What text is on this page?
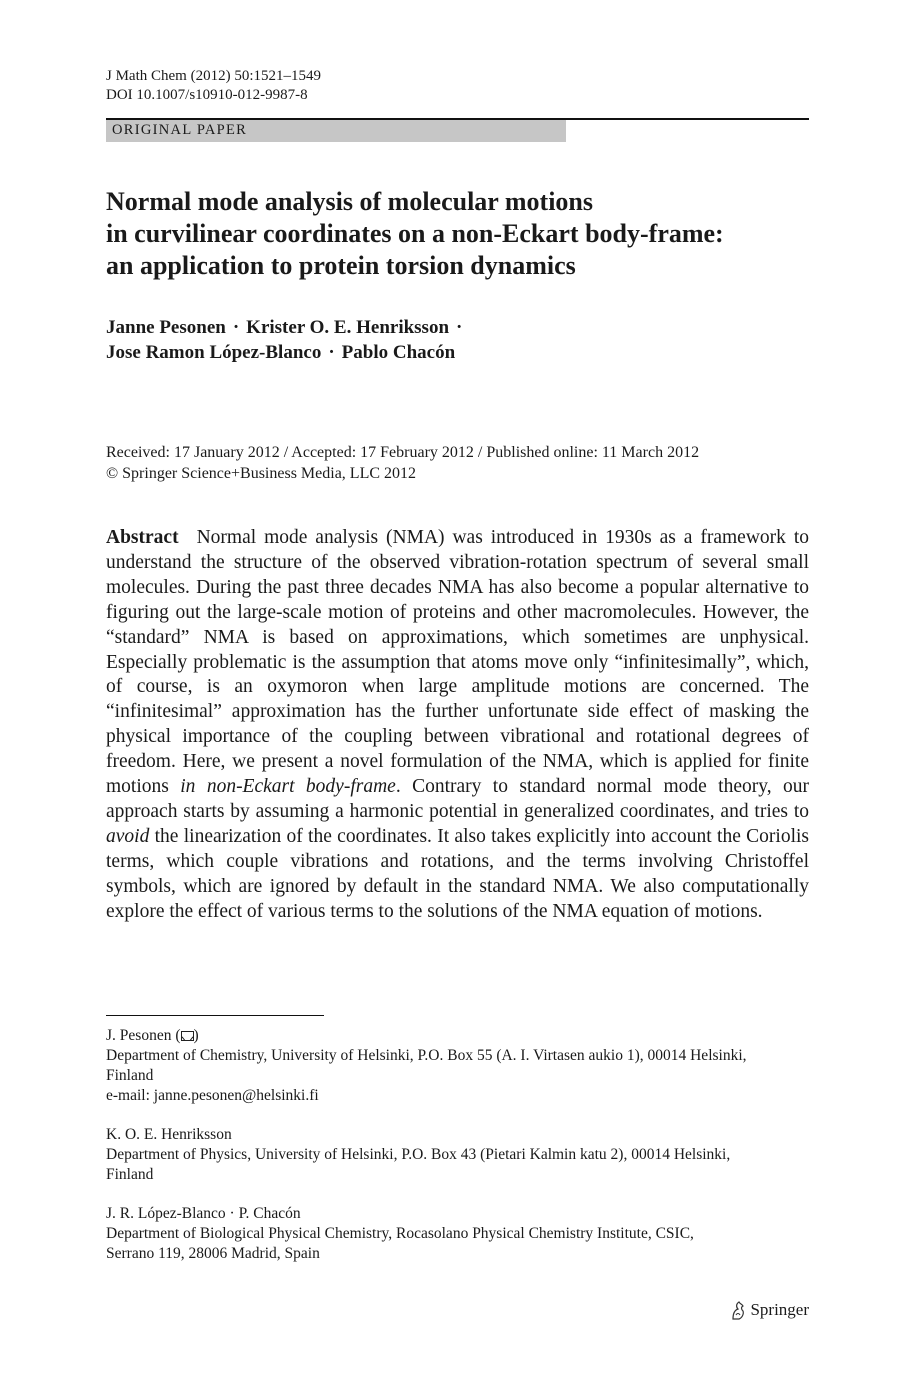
J Math Chem (2012) 50:1521–1549
DOI 10.1007/s10910-012-9987-8
ORIGINAL PAPER
Normal mode analysis of molecular motions
in curvilinear coordinates on a non-Eckart body-frame:
an application to protein torsion dynamics
Janne Pesonen · Krister O. E. Henriksson ·
Jose Ramon López-Blanco · Pablo Chacón
Received: 17 January 2012 / Accepted: 17 February 2012 / Published online: 11 March 2012
© Springer Science+Business Media, LLC 2012

Abstract Normal mode analysis (NMA) was introduced in 1930s as a framework to understand the structure of the observed vibration-rotation spectrum of several small molecules. During the past three decades NMA has also become a popular alternative to figuring out the large-scale motion of proteins and other macromolecules. However, the “standard” NMA is based on approximations, which sometimes are unphysical. Especially problematic is the assumption that atoms move only “infinitesimally”, which, of course, is an oxymoron when large amplitude motions are concerned. The “infinitesimal” approximation has the further unfortunate side effect of masking the physical importance of the coupling between vibrational and rotational degrees of freedom. Here, we present a novel formulation of the NMA, which is applied for finite motions in non-Eckart body-frame. Contrary to standard normal mode theory, our approach starts by assuming a harmonic potential in generalized coordinates, and tries to avoid the linearization of the coordinates. It also takes explicitly into account the Coriolis terms, which couple vibrations and rotations, and the terms involving Christoffel symbols, which are ignored by default in the standard NMA. We also computationally explore the effect of various terms to the solutions of the NMA equation of motions.

J. Pesonen ( )
Department of Chemistry, University of Helsinki, P.O. Box 55 (A. I. Virtasen aukio 1), 00014 Helsinki,
Finland
e-mail: janne.pesonen@helsinki.fi
K. O. E. Henriksson
Department of Physics, University of Helsinki, P.O. Box 43 (Pietari Kalmin katu 2), 00014 Helsinki,
Finland
J. R. López-Blanco · P. Chacón
Department of Biological Physical Chemistry, Rocasolano Physical Chemistry Institute, CSIC,
Serrano 119, 28006 Madrid, Spain
Springer
